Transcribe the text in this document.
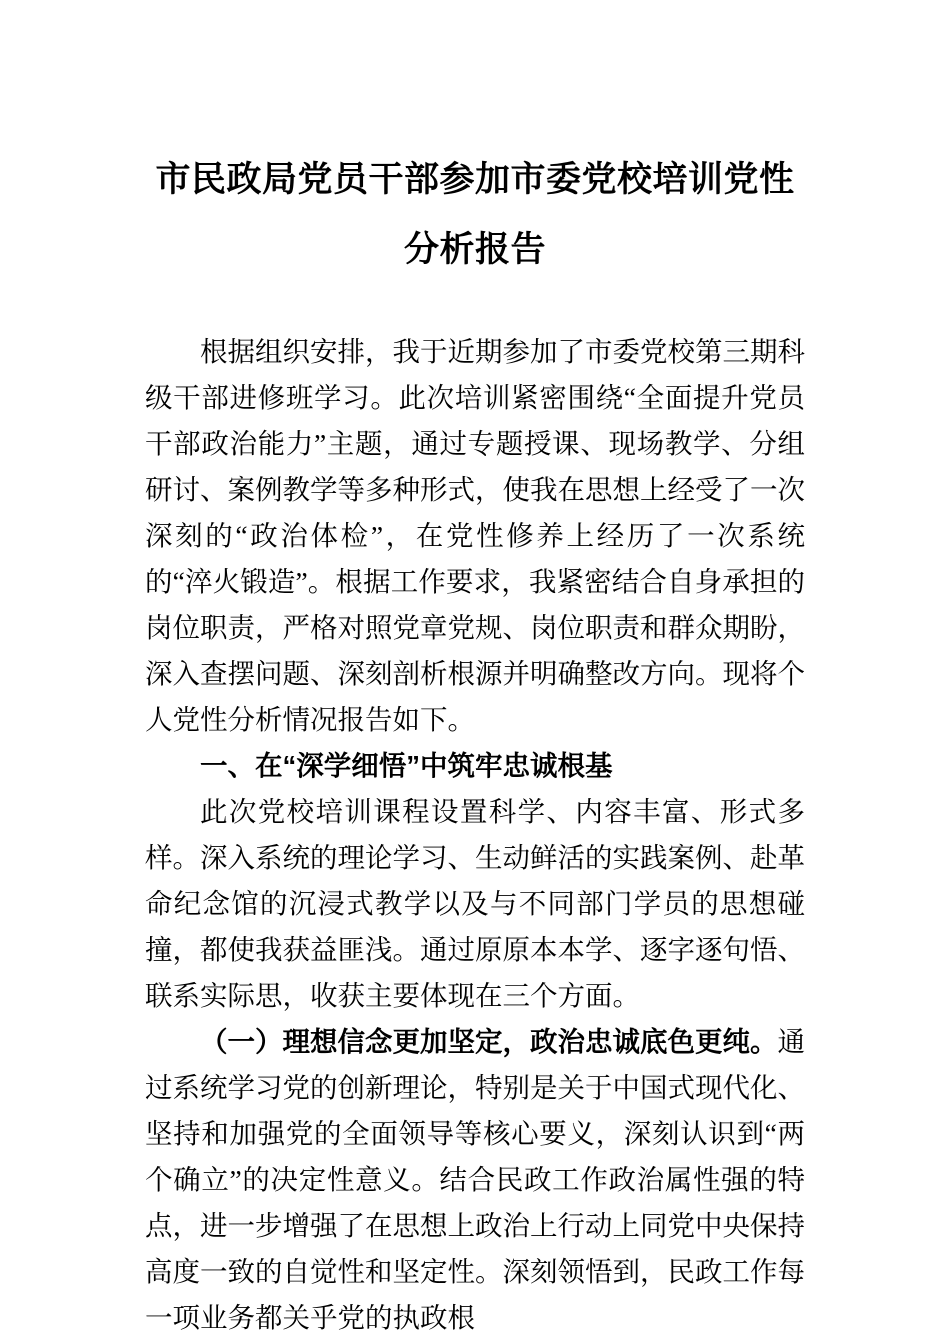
市民政局党员干部参加市委党校培训党性
分析报告

根据组织安排，我于近期参加了市委党校第三期科级干部进修班学习。此次培训紧密围绕“全面提升党员干部政治能力”主题，通过专题授课、现场教学、分组研讨、案例教学等多种形式，使我在思想上经受了一次深刻的“政治体检”，在党性修养上经历了一次系统的“淬火锻造”。根据工作要求，我紧密结合自身承担的岗位职责，严格对照党章党规、岗位职责和群众期盼，深入查摆问题、深刻剖析根源并明确整改方向。现将个人党性分析情况报告如下。

一、在“深学细悟”中筑牢忠诚根基

此次党校培训课程设置科学、内容丰富、形式多样。深入系统的理论学习、生动鲜活的实践案例、赴革命纪念馆的沉浸式教学以及与不同部门学员的思想碰撞，都使我获益匪浅。通过原原本本学、逐字逐句悟、联系实际思，收获主要体现在三个方面。

（一）理想信念更加坚定，政治忠诚底色更纯。通过系统学习党的创新理论，特别是关于中国式现代化、坚持和加强党的全面领导等核心要义，深刻认识到“两个确立”的决定性意义。结合民政工作政治属性强的特点，进一步增强了在思想上政治上行动上同党中央保持高度一致的自觉性和坚定性。深刻领悟到，民政工作每一项业务都关乎党的执政根
